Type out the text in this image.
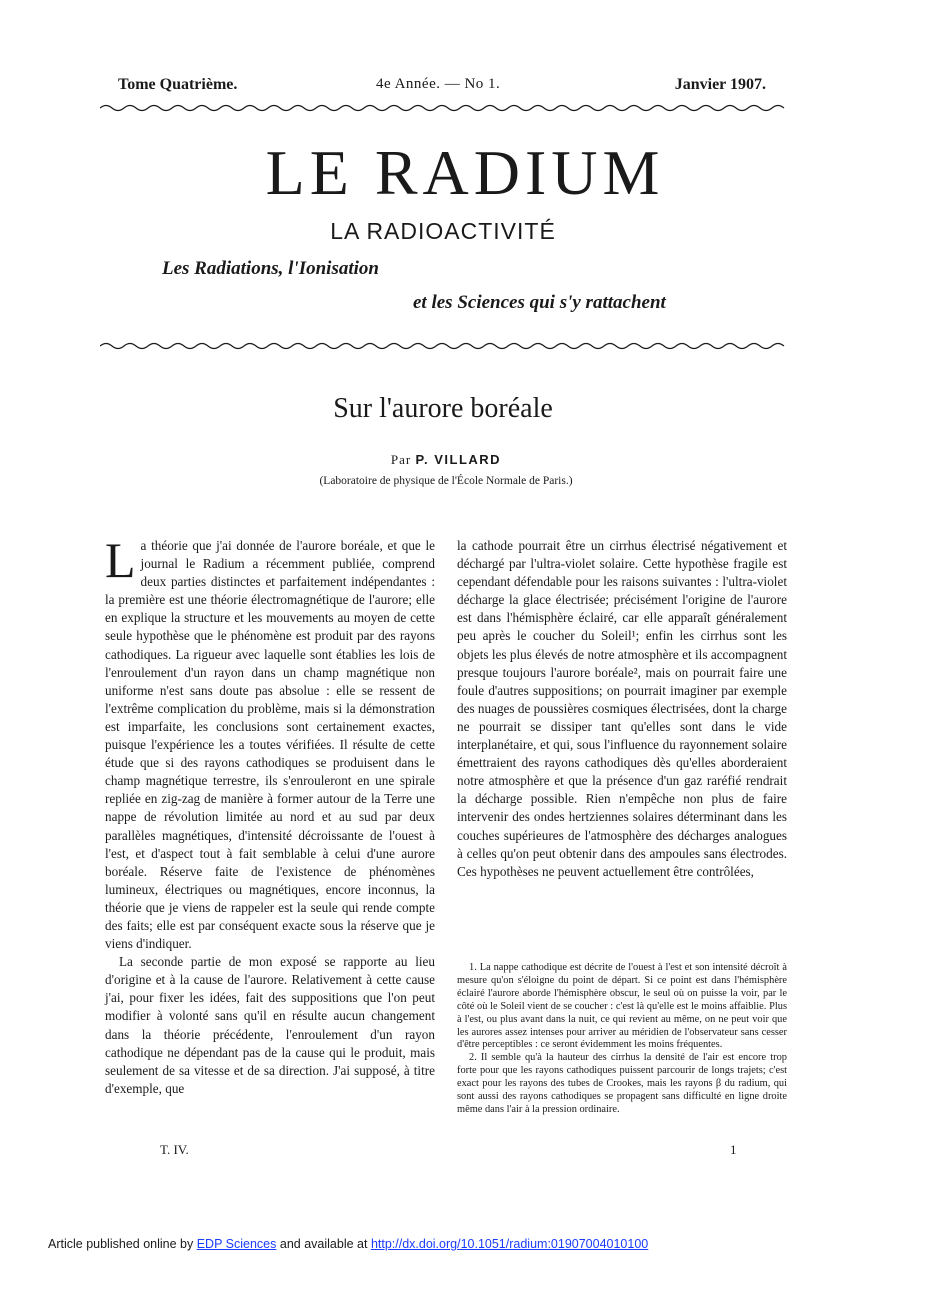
Tome Quatrième.	4e Année. — No 1.	Janvier 1907.
LE RADIUM
LA RADIOACTIVITÉ
Les Radiations, l'Ionisation
et les Sciences qui s'y rattachent
Sur l'aurore boréale
Par P. VILLARD
(Laboratoire de physique de l'École Normale de Paris.)

La théorie que j'ai donnée de l'aurore boréale, et que le journal le Radium a récemment publiée, comprend deux parties distinctes et parfaitement indépendantes : la première est une théorie électromagnétique de l'aurore; elle en explique la structure et les mouvements au moyen de cette seule hypothèse que le phénomène est produit par des rayons cathodiques. La rigueur avec laquelle sont établies les lois de l'enroulement d'un rayon dans un champ magnétique non uniforme n'est sans doute pas absolue : elle se ressent de l'extrême complication du problème, mais si la démonstration est imparfaite, les conclusions sont certainement exactes, puisque l'expérience les a toutes vérifiées. Il résulte de cette étude que si des rayons cathodiques se produisent dans le champ magnétique terrestre, ils s'enrouleront en une spirale repliée en zig-zag de manière à former autour de la Terre une nappe de révolution limitée au nord et au sud par deux parallèles magnétiques, d'intensité décroissante de l'ouest à l'est, et d'aspect tout à fait semblable à celui d'une aurore boréale. Réserve faite de l'existence de phénomènes lumineux, électriques ou magnétiques, encore inconnus, la théorie que je viens de rappeler est la seule qui rende compte des faits; elle est par conséquent exacte sous la réserve que je viens d'indiquer.

La seconde partie de mon exposé se rapporte au lieu d'origine et à la cause de l'aurore. Relativement à cette cause j'ai, pour fixer les idées, fait des suppositions que l'on peut modifier à volonté sans qu'il en résulte aucun changement dans la théorie précédente, l'enroulement d'un rayon cathodique ne dépendant pas de la cause qui le produit, mais seulement de sa vitesse et de sa direction. J'ai supposé, à titre d'exemple, que

la cathode pourrait être un cirrhus électrisé négativement et déchargé par l'ultra-violet solaire. Cette hypothèse fragile est cependant défendable pour les raisons suivantes : l'ultra-violet décharge la glace électrisée; précisément l'origine de l'aurore est dans l'hémisphère éclairé, car elle apparaît généralement peu après le coucher du Soleil¹; enfin les cirrhus sont les objets les plus élevés de notre atmosphère et ils accompagnent presque toujours l'aurore boréale², mais on pourrait faire une foule d'autres suppositions; on pourrait imaginer par exemple des nuages de poussières cosmiques électrisées, dont la charge ne pourrait se dissiper tant qu'elles sont dans le vide interplanétaire, et qui, sous l'influence du rayonnement solaire émettraient des rayons cathodiques dès qu'elles aborderaient notre atmosphère et que la présence d'un gaz raréfié rendrait la décharge possible. Rien n'empêche non plus de faire intervenir des ondes hertziennes solaires déterminant dans les couches supérieures de l'atmosphère des décharges analogues à celles qu'on peut obtenir dans des ampoules sans électrodes. Ces hypothèses ne peuvent actuellement être contrôlées,

1. La nappe cathodique est décrite de l'ouest à l'est et son intensité décroît à mesure qu'on s'éloigne du point de départ. Si ce point est dans l'hémisphère éclairé l'aurore aborde l'hémisphère obscur, le seul où on puisse la voir, par le côté où le Soleil vient de se coucher : c'est là qu'elle est le moins affaiblie. Plus à l'est, ou plus avant dans la nuit, ce qui revient au même, on ne peut voir que les aurores assez intenses pour arriver au méridien de l'observateur sans cesser d'être perceptibles : ce seront évidemment les moins fréquentes.

2. Il semble qu'à la hauteur des cirrhus la densité de l'air est encore trop forte pour que les rayons cathodiques puissent parcourir de longs trajets; c'est exact pour les rayons des tubes de Crookes, mais les rayons β du radium, qui sont aussi des rayons cathodiques se propagent sans difficulté en ligne droite même dans l'air à la pression ordinaire.

T. IV.	1
Article published online by EDP Sciences and available at http://dx.doi.org/10.1051/radium:01907004010100
